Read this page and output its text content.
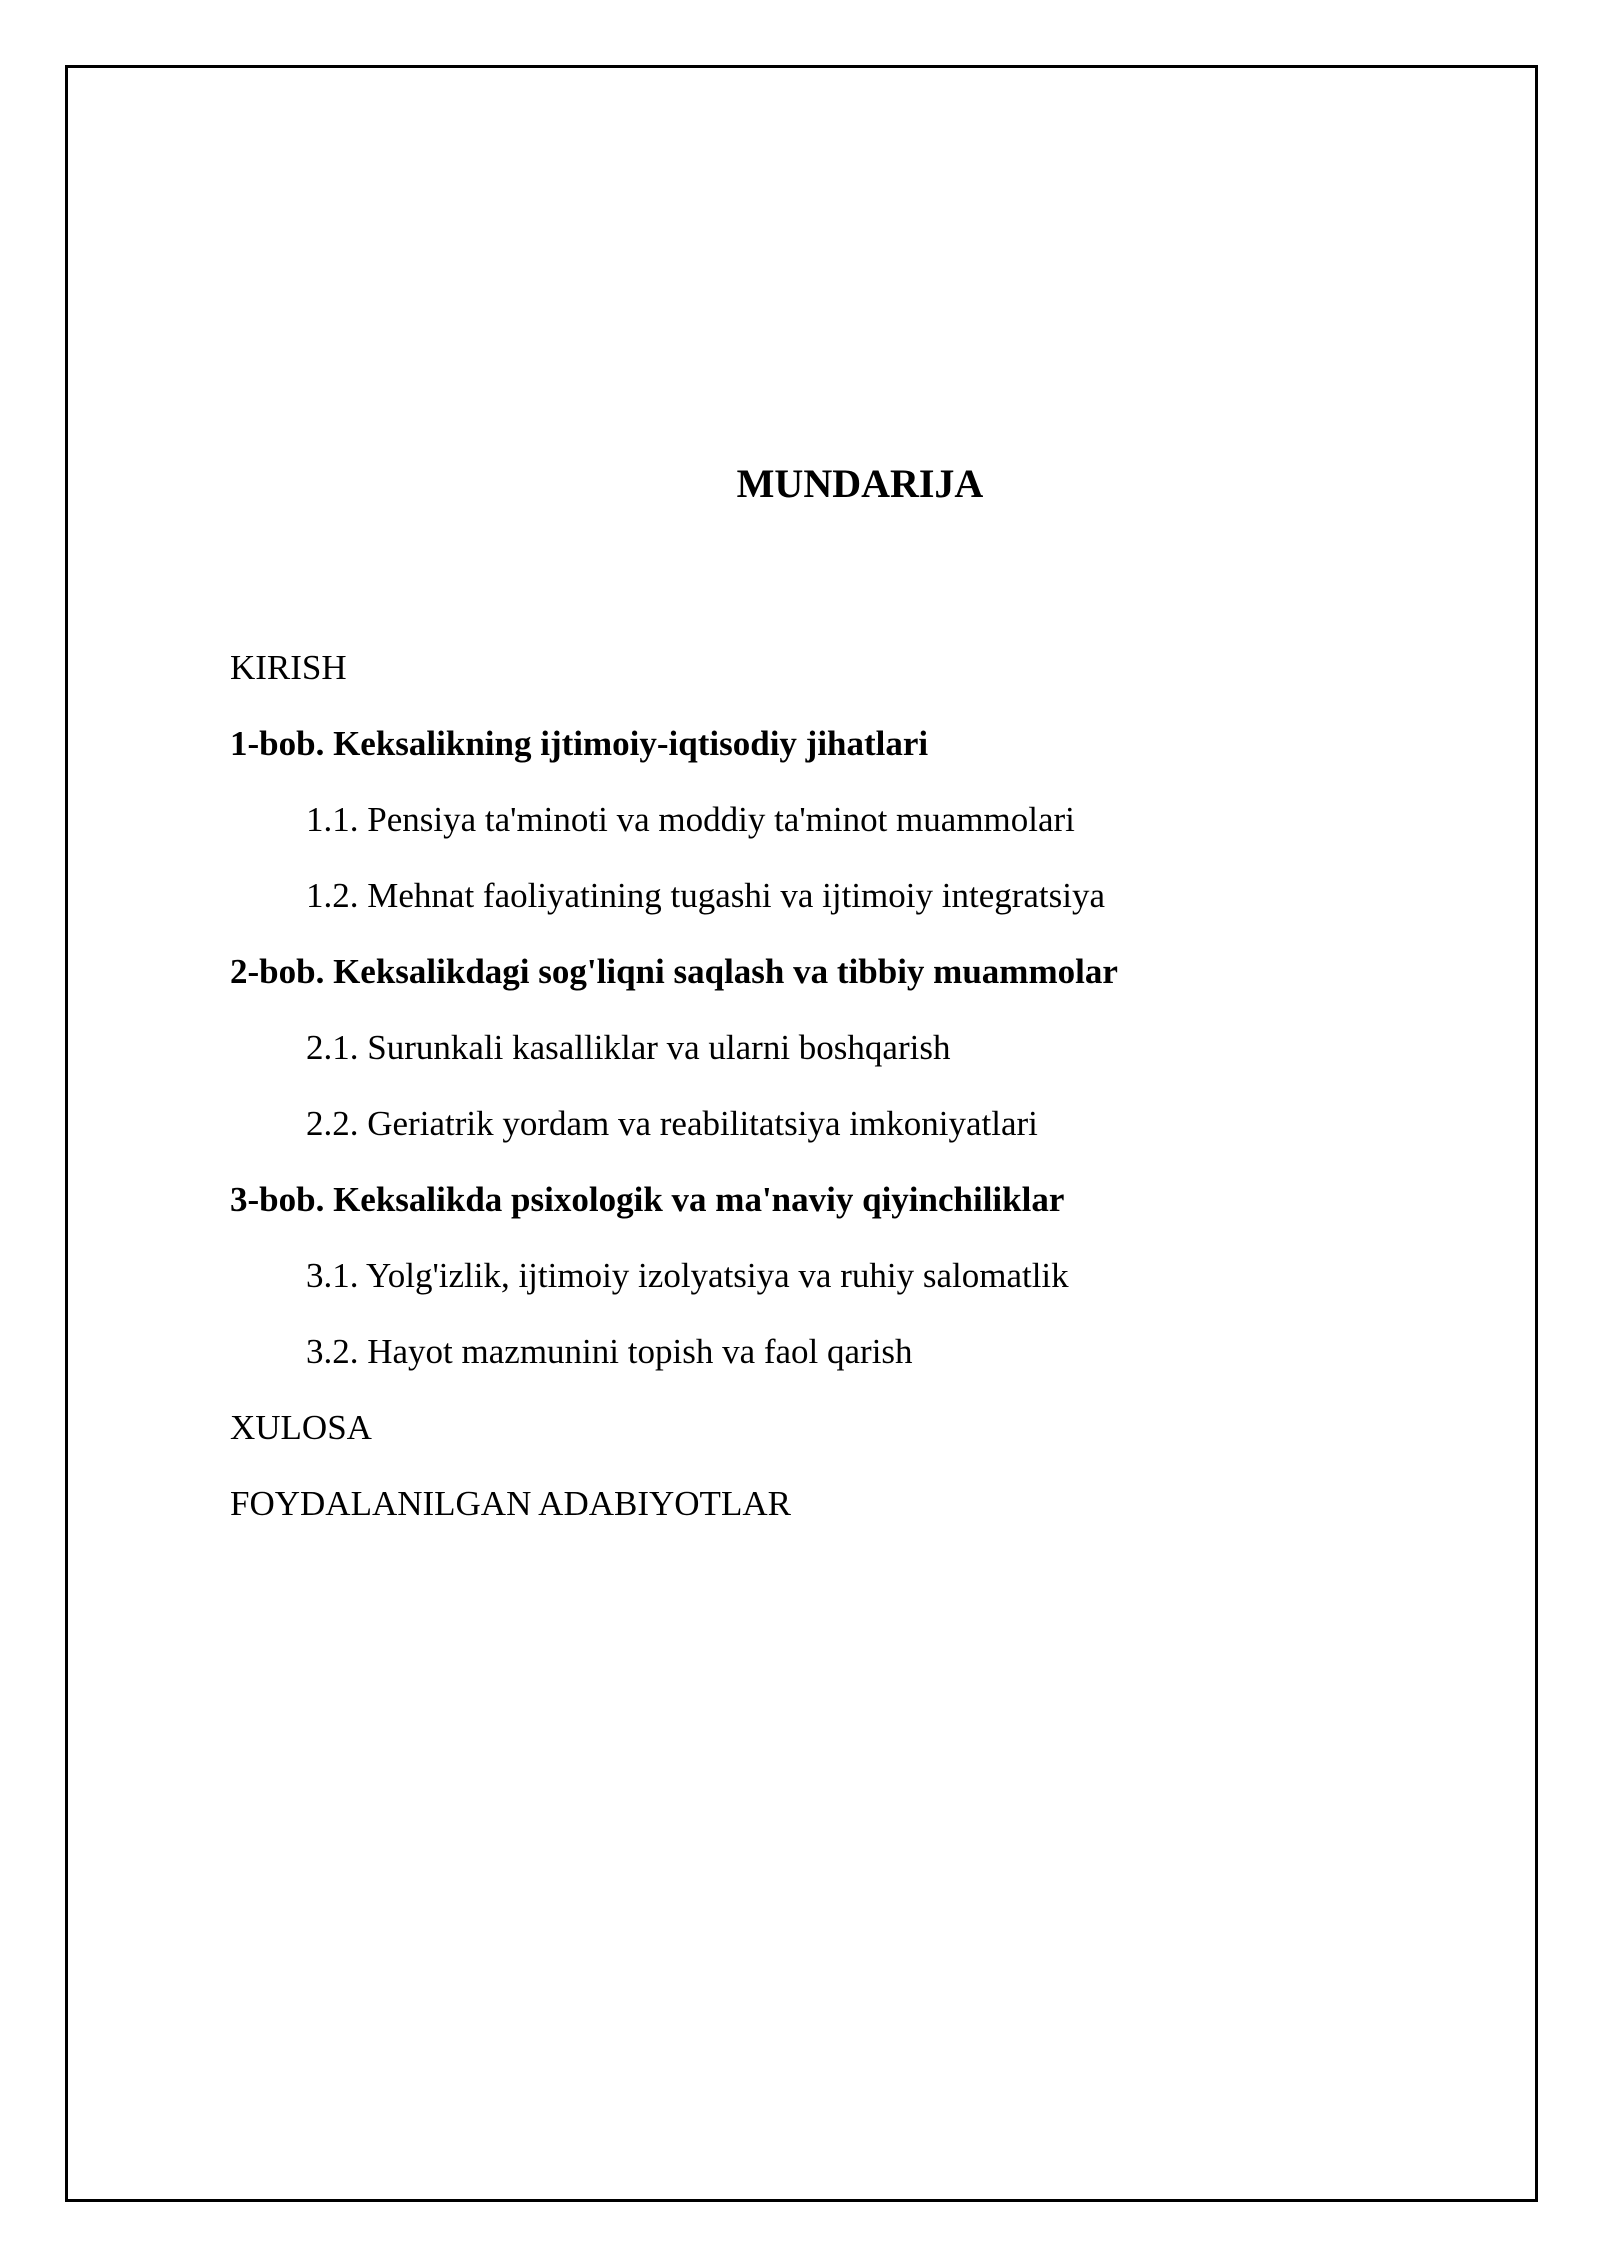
MUNDARIJA
KIRISH
1-bob. Keksalikning ijtimoiy-iqtisodiy jihatlari
1.1. Pensiya ta'minoti va moddiy ta'minot muammolari
1.2. Mehnat faoliyatining tugashi va ijtimoiy integratsiya
2-bob. Keksalikdagi sog'liqni saqlash va tibbiy muammolar
2.1. Surunkali kasalliklar va ularni boshqarish
2.2. Geriatrik yordam va reabilitatsiya imkoniyatlari
3-bob. Keksalikda psixologik va ma'naviy qiyinchiliklar
3.1. Yolg'izlik, ijtimoiy izolyatsiya va ruhiy salomatlik
3.2. Hayot mazmunini topish va faol qarish
XULOSA
FOYDALANILGAN ADABIYOTLAR
